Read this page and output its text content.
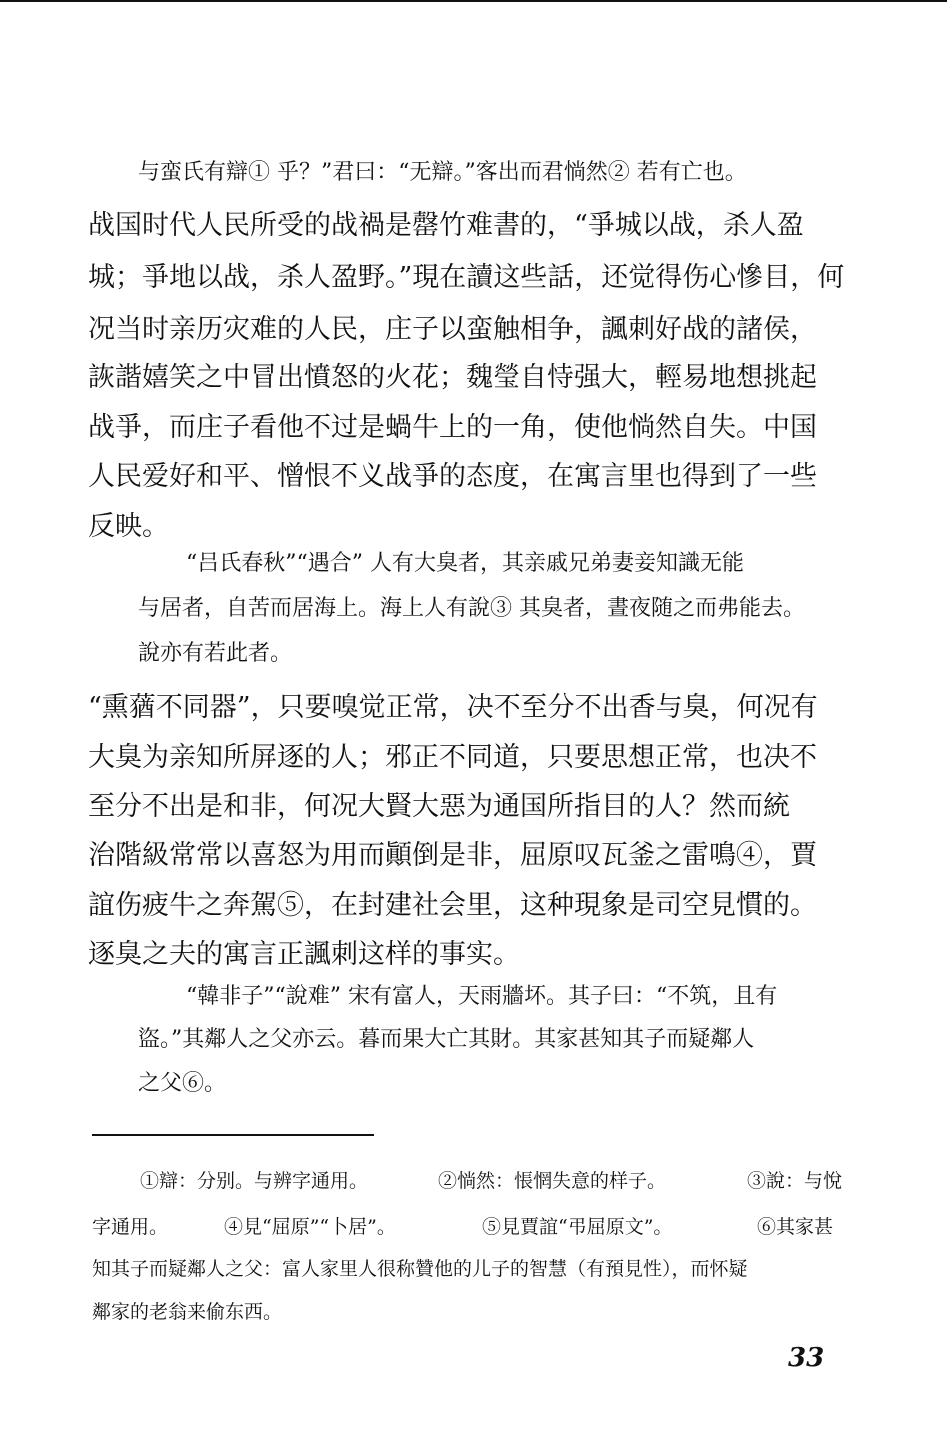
与蛮氏有辯① 乎？”君曰：“无辯。”客出而君惝然② 若有亡也。
战国时代人民所受的战禍是罄竹难書的，“爭城以战，杀人盈
城；爭地以战，杀人盈野。”現在讀这些話，还觉得伤心慘目，何
况当时亲历灾难的人民，庄子以蛮触相争，諷刺好战的諸侯，
詼諧嬉笑之中冒出憤怒的火花；魏瑩自恃强大，輕易地想挑起
战爭，而庄子看他不过是蝸牛上的一角，使他惝然自失。中国
人民爱好和平、憎恨不义战爭的态度，在寓言里也得到了一些
反映。
“吕氏春秋”“遇合” 人有大臭者，其亲戚兄弟妻妾知識无能
与居者，自苦而居海上。海上人有說③ 其臭者，晝夜随之而弗能去。
說亦有若此者。
“熏蕕不同器”，只要嗅觉正常，决不至分不出香与臭，何况有
大臭为亲知所屏逐的人；邪正不同道，只要思想正常，也决不
至分不出是和非，何况大賢大惡为通国所指目的人？然而統
治階級常常以喜怒为用而顚倒是非，屈原叹瓦釜之雷鳴④，賈
誼伤疲牛之奔駕⑤，在封建社会里，这种現象是司空見慣的。
逐臭之夫的寓言正諷刺这样的事实。
“韓非子”“說难” 宋有富人，天雨牆坏。其子曰：“不筑，且有
盜。”其鄰人之父亦云。暮而果大亡其財。其家甚知其子而疑鄰人
之父⑥。
①辯：分别。与辨字通用。	②惝然：悵惘失意的样子。	③說：与悅
字通用。	④見“屈原”“卜居”。	⑤見賈誼“弔屈原文”。	⑥其家甚
知其子而疑鄰人之父：富人家里人很称贊他的儿子的智慧（有預見性），而怀疑
鄰家的老翁来偷东西。
33
